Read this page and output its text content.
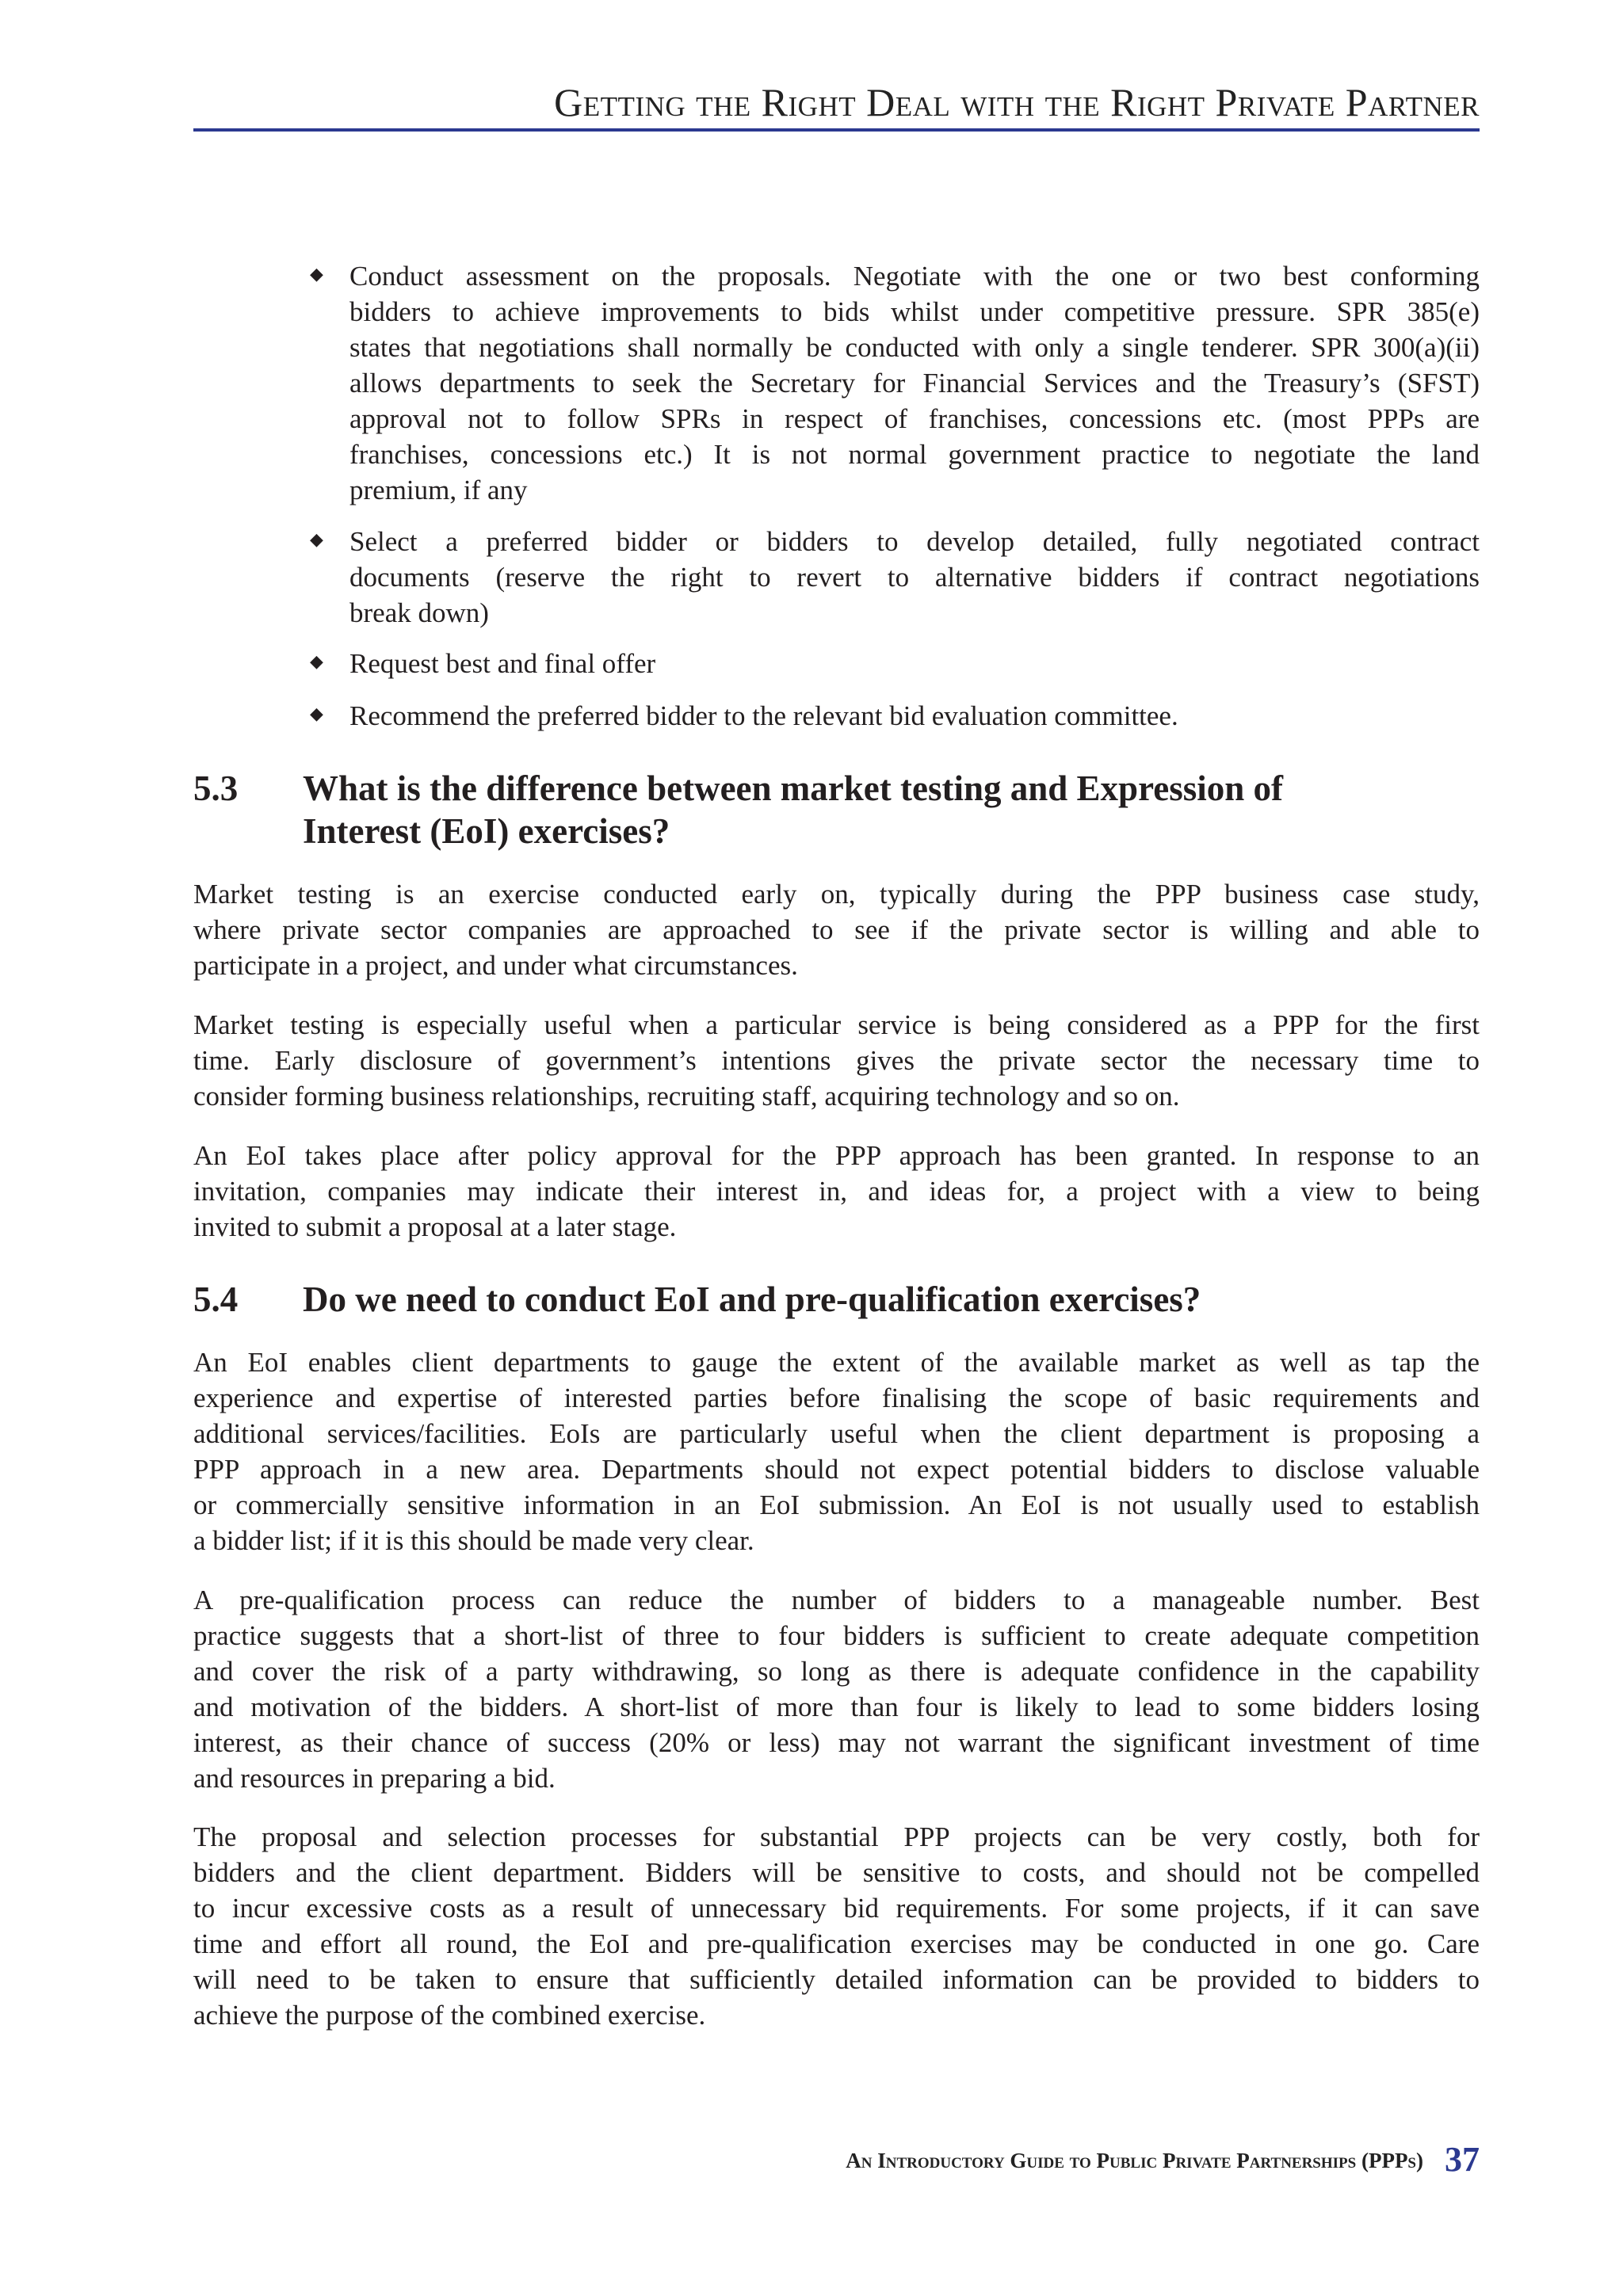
Getting the Right Deal with the Right Private Partner
◆ Conduct assessment on the proposals. Negotiate with the one or two best conforming
bidders to achieve improvements to bids whilst under competitive pressure. SPR 385(e)
states that negotiations shall normally be conducted with only a single tenderer. SPR 300(a)(ii)
allows departments to seek the Secretary for Financial Services and the Treasury’s (SFST)
approval not to follow SPRs in respect of franchises, concessions etc. (most PPPs are
franchises, concessions etc.) It is not normal government practice to negotiate the land
premium, if any
◆ Select a preferred bidder or bidders to develop detailed, fully negotiated contract
documents (reserve the right to revert to alternative bidders if contract negotiations
break down)
◆ Request best and final offer
◆ Recommend the preferred bidder to the relevant bid evaluation committee.
5.3 What is the difference between market testing and Expression of
Interest (EoI) exercises?
Market testing is an exercise conducted early on, typically during the PPP business case study,
where private sector companies are approached to see if the private sector is willing and able to
participate in a project, and under what circumstances.
Market testing is especially useful when a particular service is being considered as a PPP for the first
time. Early disclosure of government’s intentions gives the private sector the necessary time to
consider forming business relationships, recruiting staff, acquiring technology and so on.
An EoI takes place after policy approval for the PPP approach has been granted. In response to an
invitation, companies may indicate their interest in, and ideas for, a project with a view to being
invited to submit a proposal at a later stage.
5.4 Do we need to conduct EoI and pre-qualification exercises?
An EoI enables client departments to gauge the extent of the available market as well as tap the
experience and expertise of interested parties before finalising the scope of basic requirements and
additional services/facilities. EoIs are particularly useful when the client department is proposing a
PPP approach in a new area. Departments should not expect potential bidders to disclose valuable
or commercially sensitive information in an EoI submission. An EoI is not usually used to establish
a bidder list; if it is this should be made very clear.
A pre-qualification process can reduce the number of bidders to a manageable number. Best
practice suggests that a short-list of three to four bidders is sufficient to create adequate competition
and cover the risk of a party withdrawing, so long as there is adequate confidence in the capability
and motivation of the bidders. A short-list of more than four is likely to lead to some bidders losing
interest, as their chance of success (20% or less) may not warrant the significant investment of time
and resources in preparing a bid.
The proposal and selection processes for substantial PPP projects can be very costly, both for
bidders and the client department. Bidders will be sensitive to costs, and should not be compelled
to incur excessive costs as a result of unnecessary bid requirements. For some projects, if it can save
time and effort all round, the EoI and pre-qualification exercises may be conducted in one go. Care
will need to be taken to ensure that sufficiently detailed information can be provided to bidders to
achieve the purpose of the combined exercise.
An Introductory Guide to Public Private Partnerships (PPPs) 37
